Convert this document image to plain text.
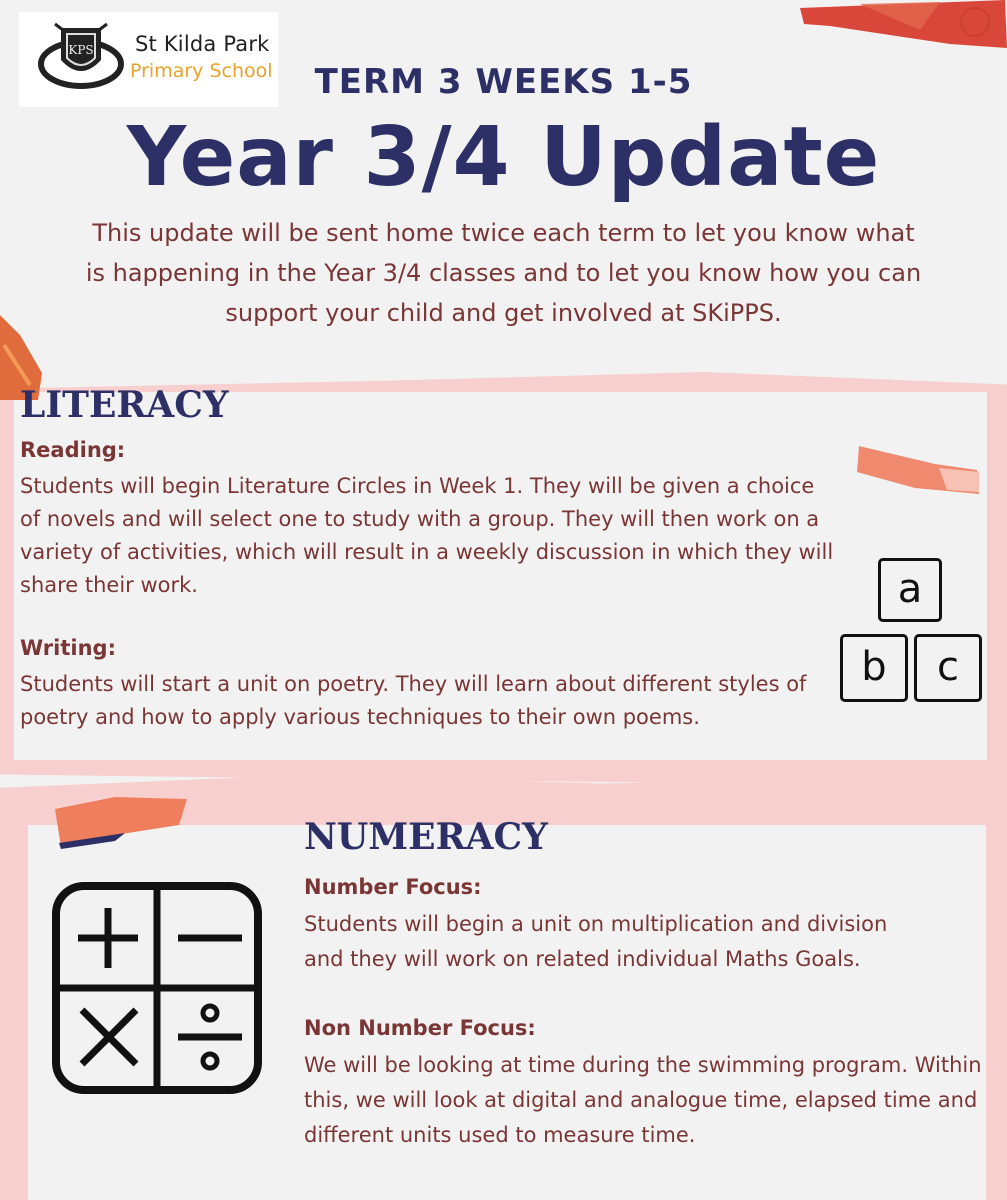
KPS St Kilda Park
Primary School	TERM 3 WEEKS 1-5
Year 3/4 Update
This update will be sent home twice each term to let you know what is happening in the Year 3/4 classes and to let you know how you can support your child and get involved at SKiPPS.
LITERACY
Reading:
Students will begin Literature Circles in Week 1. They will be given a choice of novels and will select one to study with a group. They will then work on a variety of activities, which will result in a weekly discussion in which they will share their work.
Writing:
Students will start a unit on poetry. They will learn about different styles of poetry and how to apply various techniques to their own poems.
a
b	c
NUMERACY
Number Focus:
Students will begin a unit on multiplication and division and they will work on related individual Maths Goals.
Non Number Focus:
We will be looking at time during the swimming program. Within this, we will look at digital and analogue time, elapsed time and different units used to measure time.
